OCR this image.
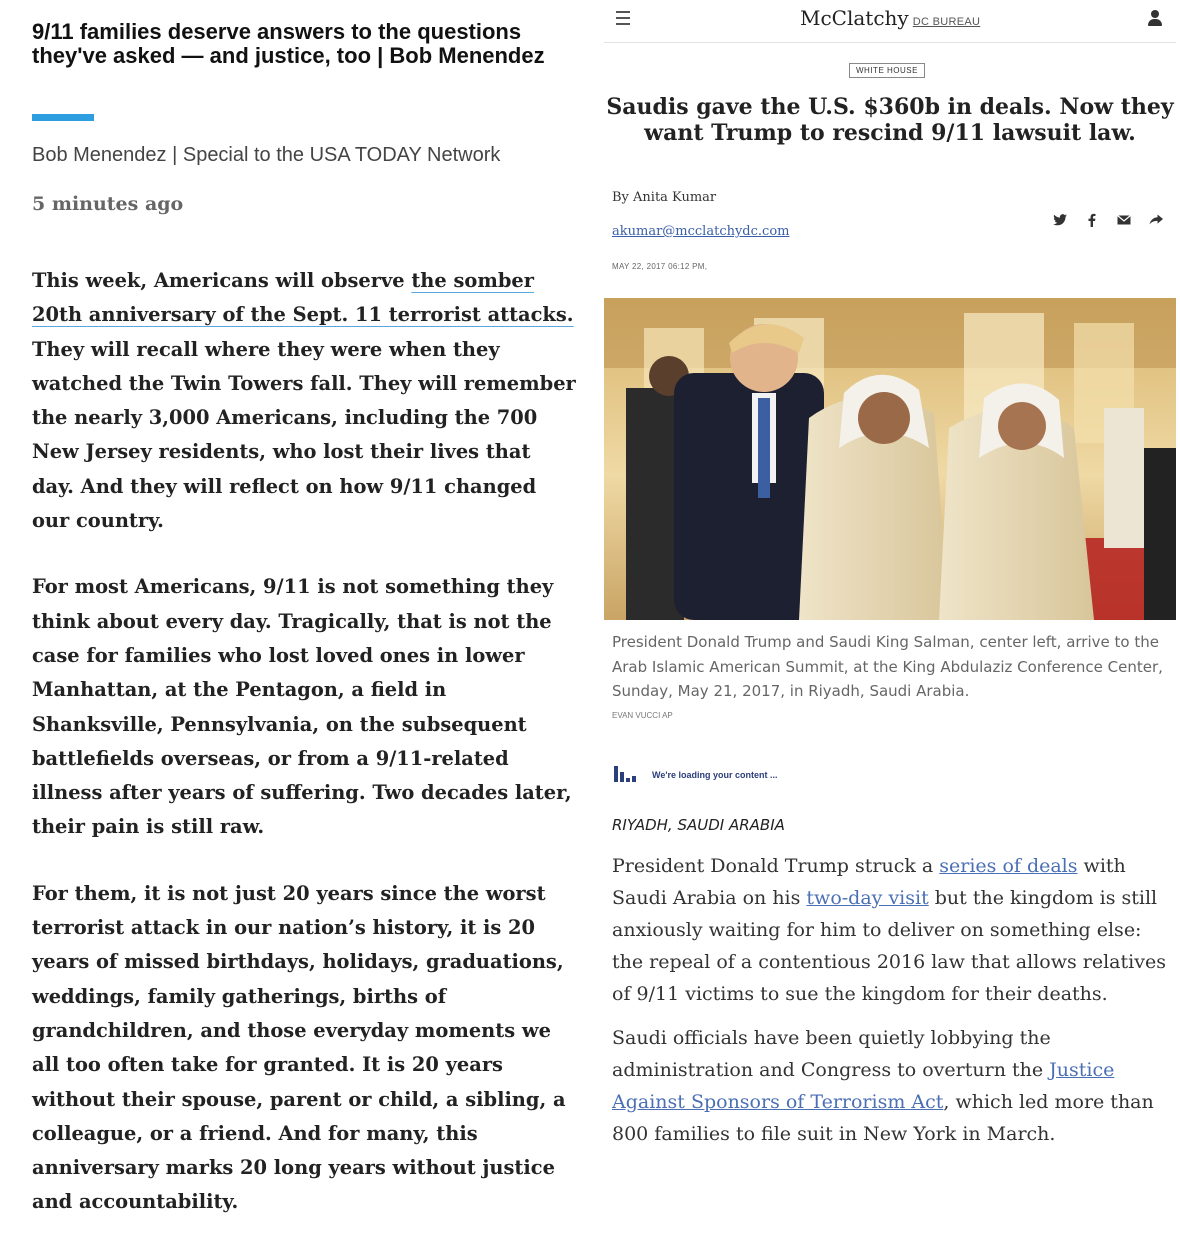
9/11 families deserve answers to the questions they've asked — and justice, too | Bob Menendez
Bob Menendez | Special to the USA TODAY Network
5 minutes ago

This week, Americans will observe the somber 20th anniversary of the Sept. 11 terrorist attacks. They will recall where they were when they watched the Twin Towers fall. They will remember the nearly 3,000 Americans, including the 700 New Jersey residents, who lost their lives that day. And they will reflect on how 9/11 changed our country.

For most Americans, 9/11 is not something they think about every day. Tragically, that is not the case for families who lost loved ones in lower Manhattan, at the Pentagon, a field in Shanksville, Pennsylvania, on the subsequent battlefields overseas, or from a 9/11-related illness after years of suffering. Two decades later, their pain is still raw.

For them, it is not just 20 years since the worst terrorist attack in our nation’s history, it is 20 years of missed birthdays, holidays, graduations, weddings, family gatherings, births of grandchildren, and those everyday moments we all too often take for granted. It is 20 years without their spouse, parent or child, a sibling, a colleague, or a friend. And for many, this anniversary marks 20 long years without justice and accountability.

McClatchy DC BUREAU
WHITE HOUSE
Saudis gave the U.S. $360b in deals. Now they want Trump to rescind 9/11 lawsuit law.
By Anita Kumar
akumar@mcclatchydc.com
MAY 22, 2017 06:12 PM,

President Donald Trump and Saudi King Salman, center left, arrive to the Arab Islamic American Summit, at the King Abdulaziz Conference Center, Sunday, May 21, 2017, in Riyadh, Saudi Arabia.

EVAN VUCCI AP
We're loading your content ...
RIYADH, SAUDI ARABIA

President Donald Trump struck a series of deals with Saudi Arabia on his two-day visit but the kingdom is still anxiously waiting for him to deliver on something else: the repeal of a contentious 2016 law that allows relatives of 9/11 victims to sue the kingdom for their deaths.

Saudi officials have been quietly lobbying the administration and Congress to overturn the Justice Against Sponsors of Terrorism Act, which led more than 800 families to file suit in New York in March.
